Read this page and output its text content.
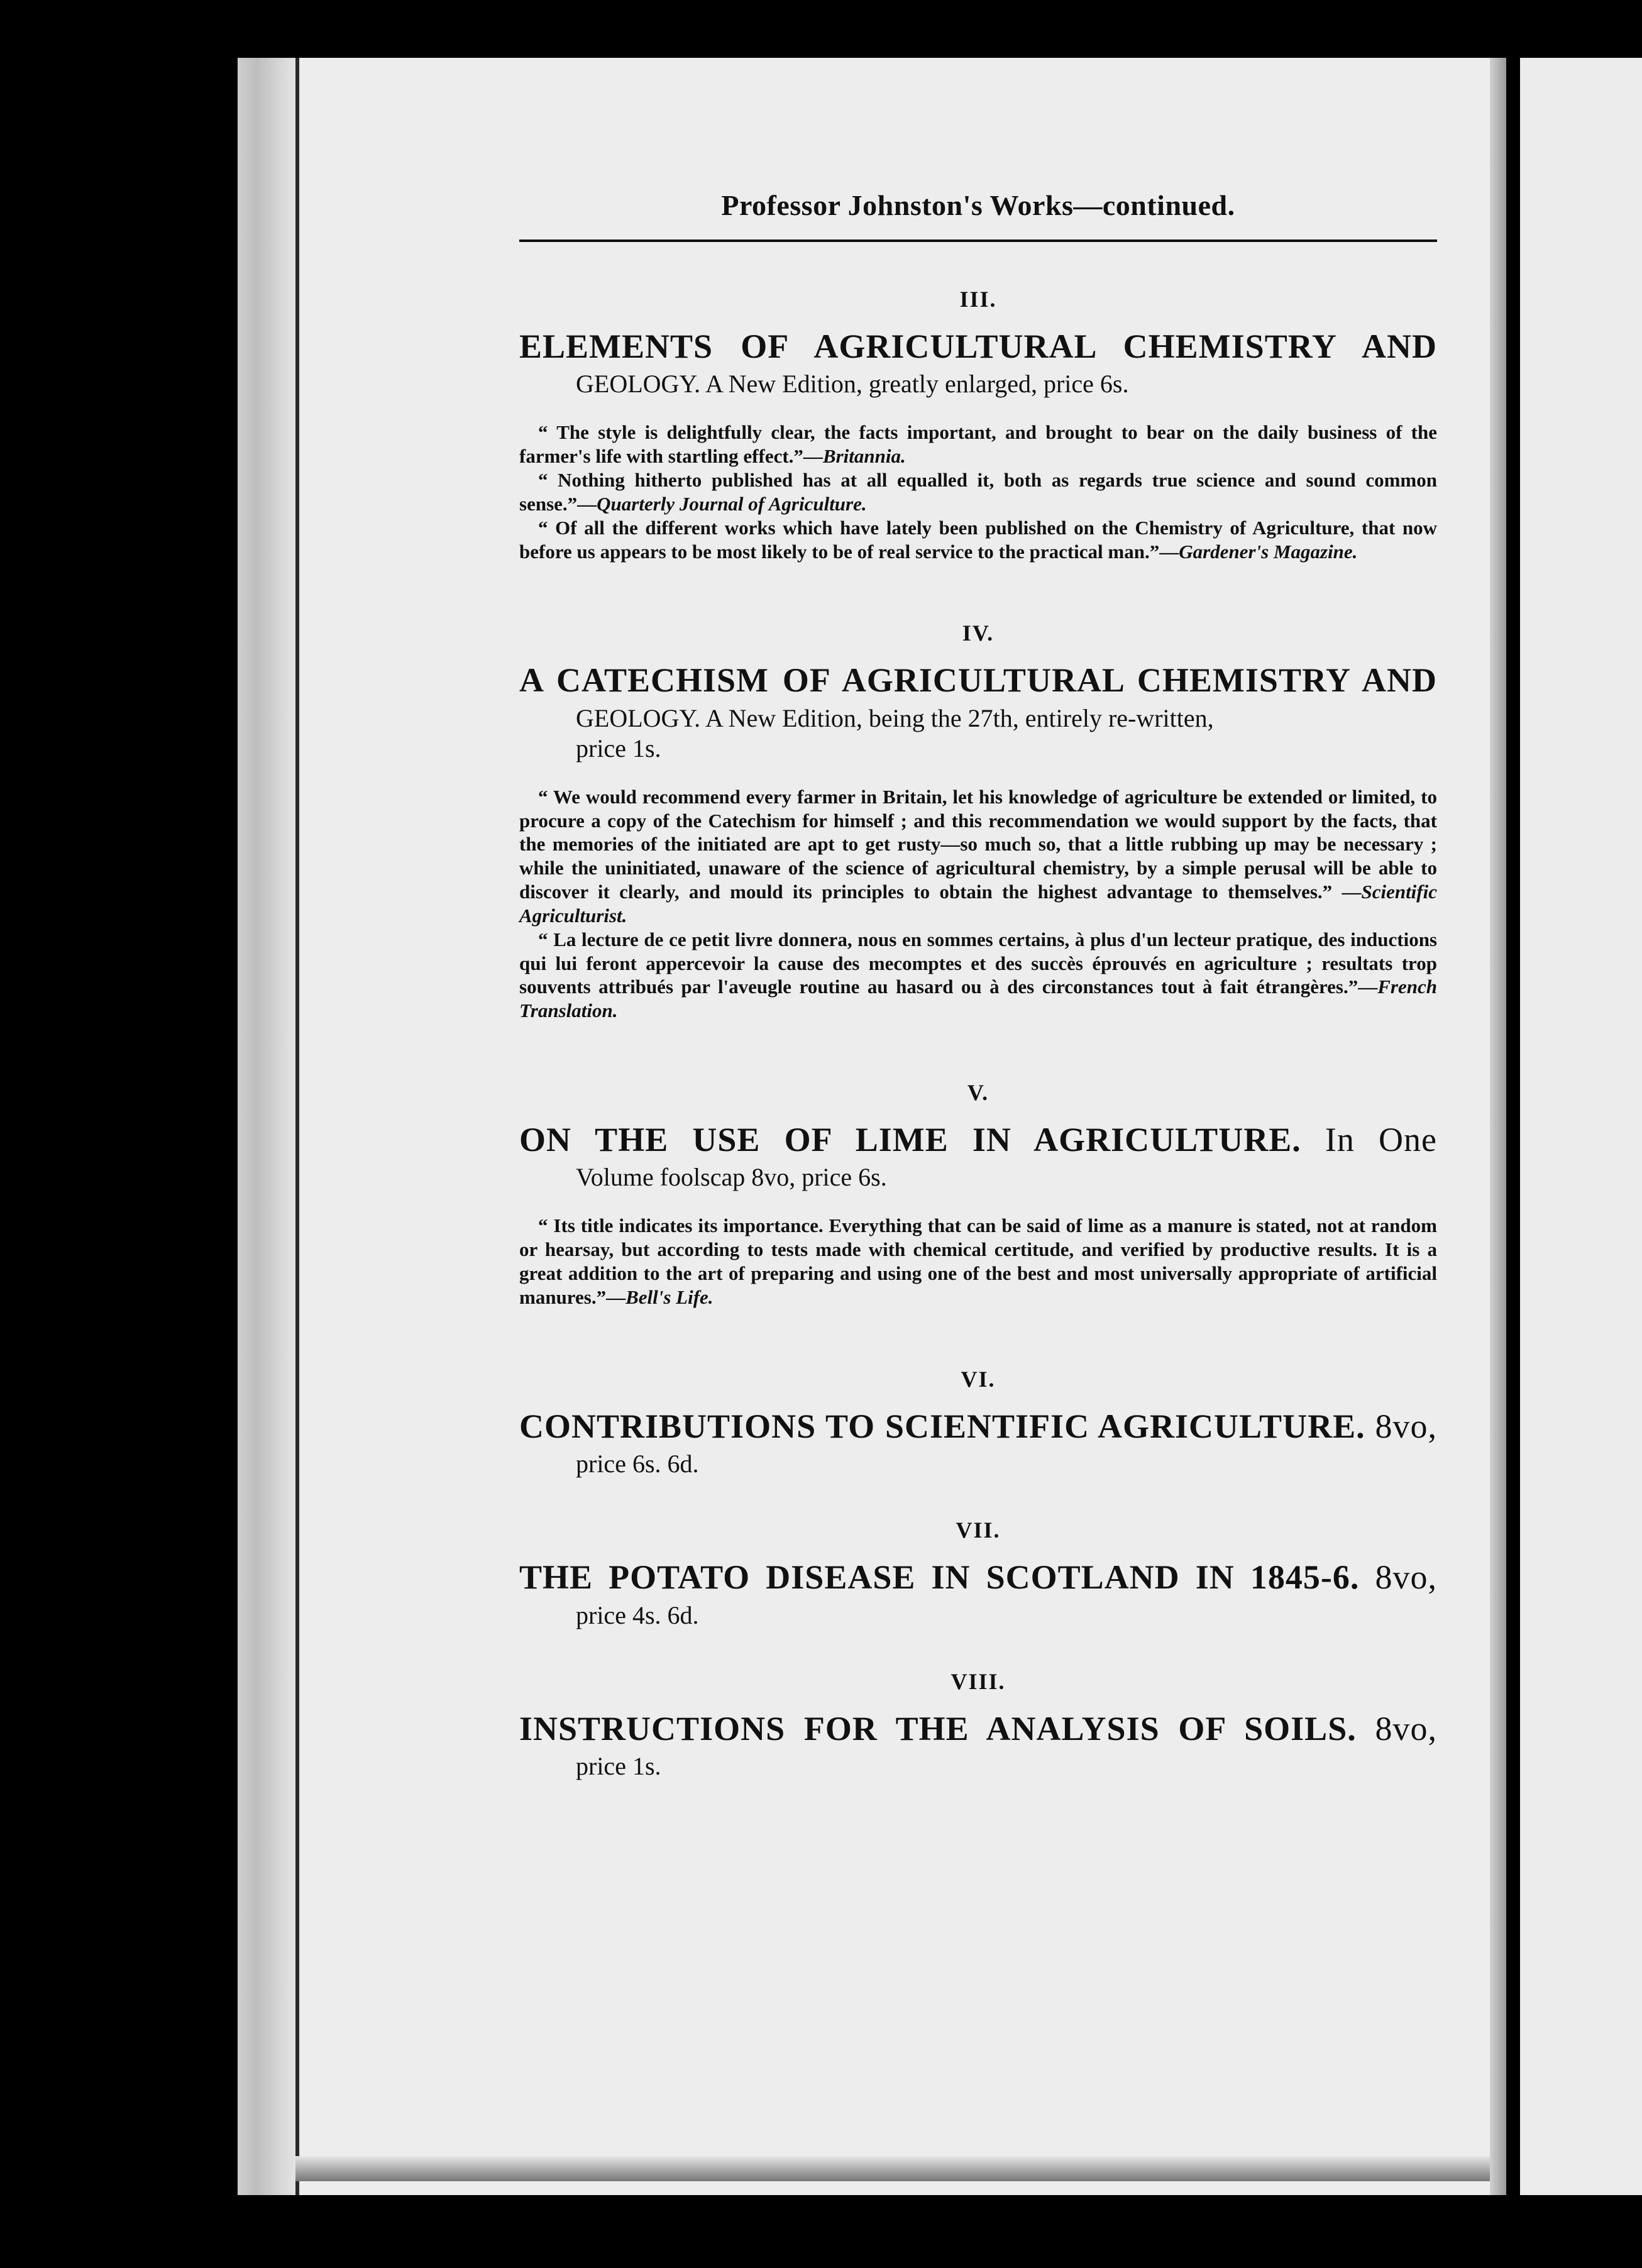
Professor Johnston's Works—continued.
III.

ELEMENTS OF AGRICULTURAL CHEMISTRY AND

GEOLOGY. A New Edition, greatly enlarged, price 6s.

“ The style is delightfully clear, the facts important, and brought to bear on the daily business of the farmer's life with startling effect.”—Britannia.

“ Nothing hitherto published has at all equalled it, both as regards true science and sound common sense.”—Quarterly Journal of Agriculture.

“ Of all the different works which have lately been published on the Chemistry of Agriculture, that now before us appears to be most likely to be of real service to the practical man.”—Gardener's Magazine.

IV.

A CATECHISM OF AGRICULTURAL CHEMISTRY AND

GEOLOGY. A New Edition, being the 27th, entirely re-written,
price 1s.

“ We would recommend every farmer in Britain, let his knowledge of agriculture be extended or limited, to procure a copy of the Catechism for himself ; and this recommendation we would support by the facts, that the memories of the initiated are apt to get rusty—so much so, that a little rubbing up may be necessary ; while the uninitiated, unaware of the science of agricultural chemistry, by a simple perusal will be able to discover it clearly, and mould its principles to obtain the highest advantage to themselves.” —Scientific Agriculturist.

“ La lecture de ce petit livre donnera, nous en sommes certains, à plus d'un lecteur pratique, des inductions qui lui feront appercevoir la cause des mecomptes et des succès éprouvés en agriculture ; resultats trop souvents attribués par l'aveugle routine au hasard ou à des circonstances tout à fait étrangères.”—French Translation.

V.

ON THE USE OF LIME IN AGRICULTURE. In One

Volume foolscap 8vo, price 6s.

“ Its title indicates its importance. Everything that can be said of lime as a manure is stated, not at random or hearsay, but according to tests made with chemical certitude, and verified by productive results. It is a great addition to the art of preparing and using one of the best and most universally appropriate of artificial manures.”—Bell's Life.

VI.

CONTRIBUTIONS TO SCIENTIFIC AGRICULTURE. 8vo,

price 6s. 6d.
VII.

THE POTATO DISEASE IN SCOTLAND IN 1845-6. 8vo,

price 4s. 6d.
VIII.

INSTRUCTIONS FOR THE ANALYSIS OF SOILS. 8vo,

price 1s.
